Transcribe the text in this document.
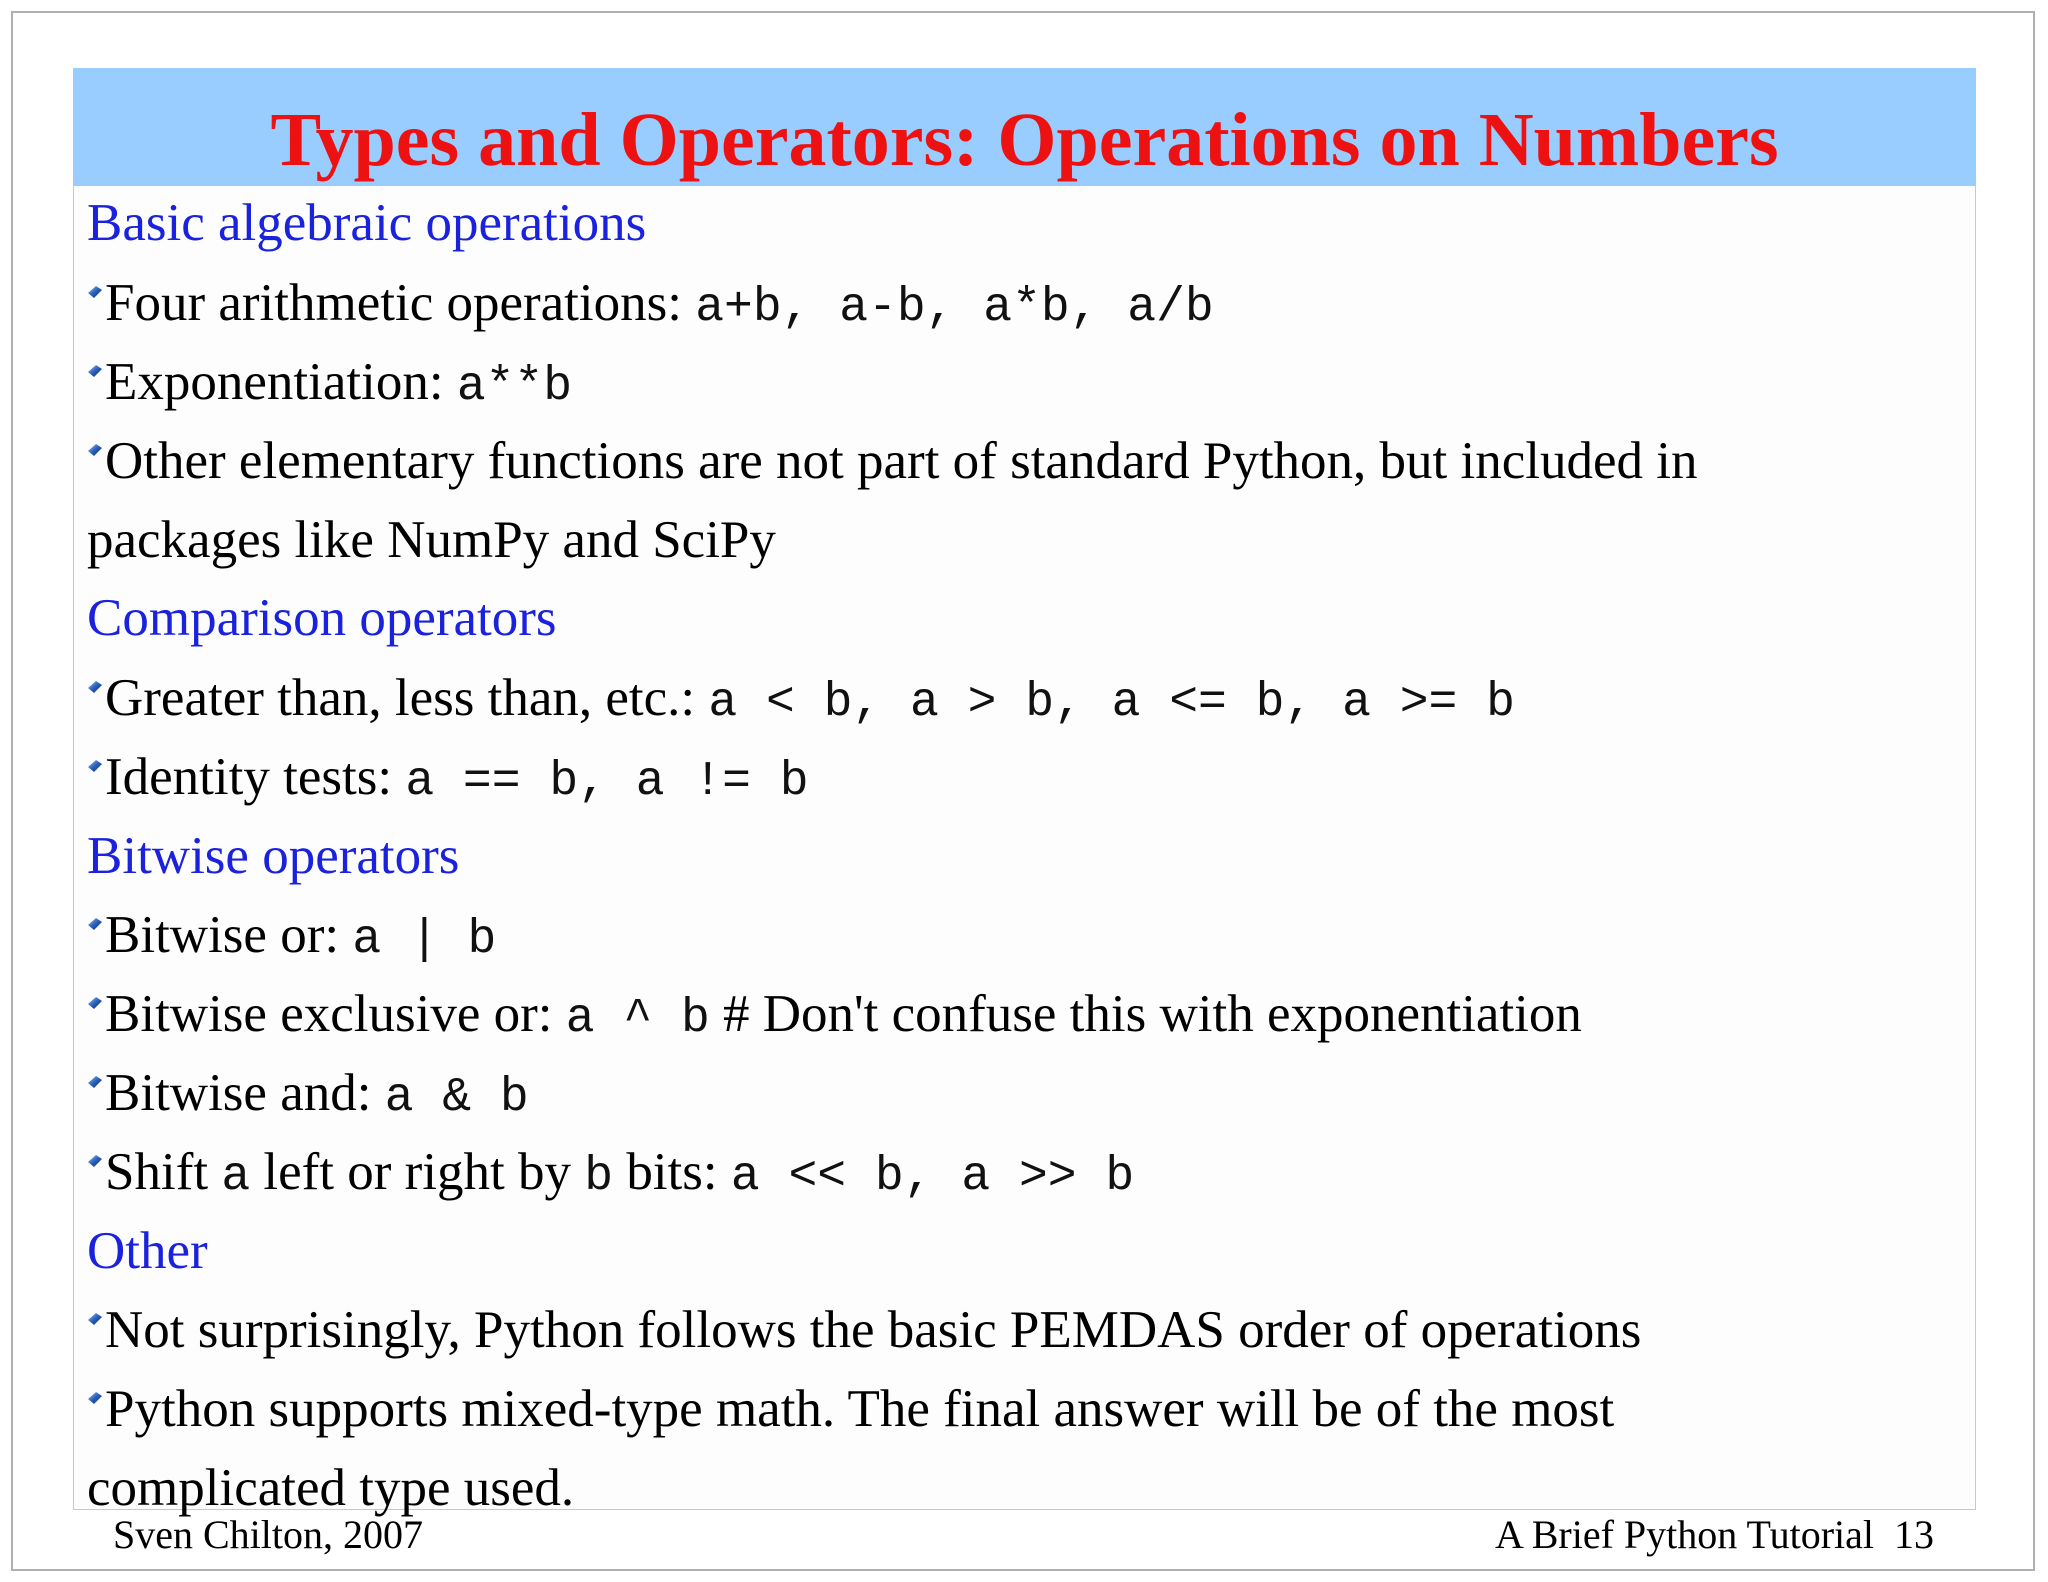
Types and Operators: Operations on Numbers
Basic algebraic operations
Four arithmetic operations: a+b, a-b, a*b, a/b
Exponentiation: a**b
Other elementary functions are not part of standard Python, but included in
packages like NumPy and SciPy
Comparison operators
Greater than, less than, etc.: a < b, a > b, a <= b, a >= b
Identity tests: a == b, a != b
Bitwise operators
Bitwise or: a | b
Bitwise exclusive or: a ^ b # Don't confuse this with exponentiation
Bitwise and: a & b
Shift a left or right by b bits: a << b, a >> b
Other
Not surprisingly, Python follows the basic PEMDAS order of operations
Python supports mixed-type math. The final answer will be of the most
complicated type used.
Sven Chilton, 2007	A Brief Python Tutorial 13
